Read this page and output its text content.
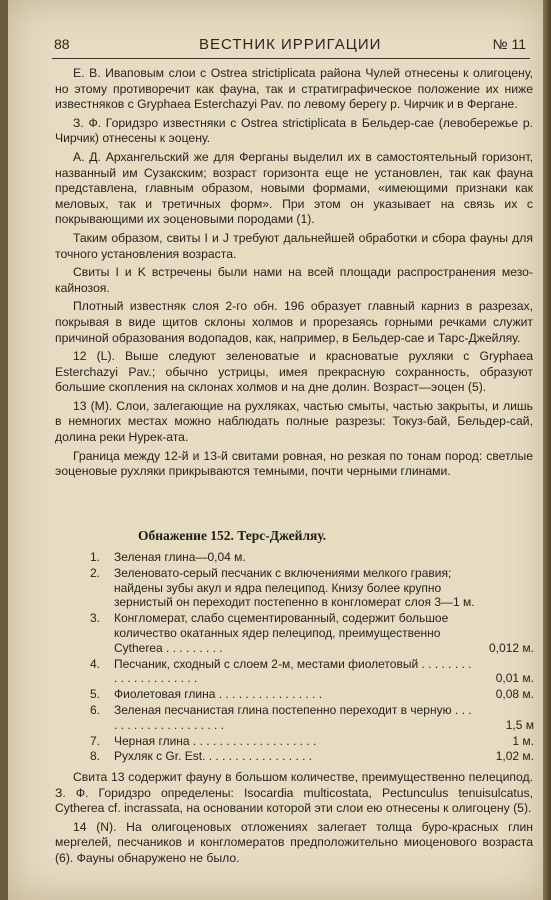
88	ВЕСТНИК ИРРИГАЦИИ	№ 11

Е. В. Иваповым слои с Ostrea strictiplicata района Чулей отнесены к олигоцену, но этому противоречит как фауна, так и стратиграфическое положение их ниже известняков с Gryphaea Esterchazyi Pav. по левому берегу р. Чирчик и в Фергане.

З. Ф. Горидзро известняки с Ostrea strictiplicata в Бельдер-сае (левобережье р. Чирчик) отнесены к эоцену.

А. Д. Архангельский же для Ферганы выделил их в самостоятельный горизонт, названный им Сузакским; возраст горизонта еще не установлен, так как фауна представлена, главным образом, новыми формами, «имеющими признаки как меловых, так и третичных форм». При этом он указывает на связь их с покрывающими их эоценовыми породами (1).

Таким образом, свиты I и J требуют дальнейшей обработки и сбора фауны для точного установления возраста.

Свиты I и K встречены были нами на всей площади распространения мезо-кайнозоя.

Плотный известняк слоя 2-го обн. 196 образует главный карниз в разрезах, покрывая в виде щитов склоны холмов и прорезаясь горными речками служит причиной образования водопадов, как, например, в Бельдер-сае и Тарс-Джейляу.

12 (L). Выше следуют зеленоватые и красноватые рухляки с Gryphaea Esterchazyi Pav.; обычно устрицы, имея прекрасную сохранность, образуют большие скопления на склонах холмов и на дне долин. Возраст—эоцен (5).

13 (M). Слои, залегающие на рухляках, частью смыты, частью закрыты, и лишь в немногих местах можно наблюдать полные разрезы: Токуз-бай, Бельдер-сай, долина реки Нурек-ата.

Граница между 12-й и 13-й свитами ровная, но резкая по тонам пород: светлые эоценовые рухляки прикрываются темными, почти черными глинами.

Обнажение 152. Терс-Джейляу.
1. Зеленая глина—0,04 м.
2. Зеленовато-серый песчаник с включениями мелкого гравия; найдены зубы акул и ядра пелеципод. Книзу более крупно зернистый он переходит постепенно в конгломерат слоя 3—1 м.
3. Конгломерат, слабо сцементированный, содержит большое количество окатанных ядер пелеципод, преимущественно Cytherea . . . . . . . . .	0,012 м.
4. Песчаник, сходный с слоем 2-м, местами фиолетовый . . . . . . . . . . . . . . . . . . . . .	0,01 м.
5. Фиолетовая глина . . . . . . . . . . . . . . . .	0,08 м.
6. Зеленая песчанистая глина постепенно переходит в черную . . . . . . . . . . . . . . . . . . . .	1,5 м
7. Черная глина . . . . . . . . . . . . . . . . . . .	1 м.
8. Рухляк с Gr. Est. . . . . . . . . . . . . . . . .	1,02 м.

Свита 13 содержит фауну в большом количестве, преимущественно пелеципод. З. Ф. Горидзро определены: Isocardia multicostata, Pectunculus tenuisulcatus, Cytherea cf. incrassata, на основании которой эти слои ею отнесены к олигоцену (5).

14 (N). На олигоценовых отложениях залегает толща буро-красных глин мергелей, песчаников и конгломератов предположительно миоценового возраста (6). Фауны обнаружено не было.
